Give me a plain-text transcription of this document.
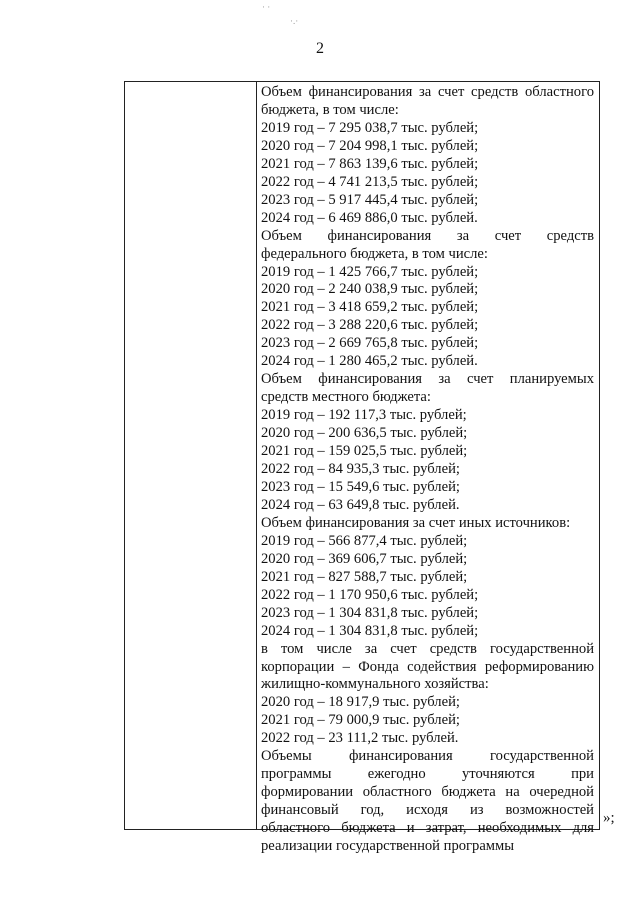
2
Объем финансирования за счет средств областного
бюджета, в том числе:
2019 год – 7 295 038,7 тыс. рублей;
2020 год – 7 204 998,1 тыс. рублей;
2021 год – 7 863 139,6 тыс. рублей;
2022 год – 4 741 213,5 тыс. рублей;
2023 год – 5 917 445,4 тыс. рублей;
2024 год – 6 469 886,0 тыс. рублей.
Объем финансирования за счет средств
федерального бюджета, в том числе:
2019 год – 1 425 766,7 тыс. рублей;
2020 год – 2 240 038,9 тыс. рублей;
2021 год – 3 418 659,2 тыс. рублей;
2022 год – 3 288 220,6 тыс. рублей;
2023 год – 2 669 765,8 тыс. рублей;
2024 год – 1 280 465,2 тыс. рублей.
Объем финансирования за счет планируемых
средств местного бюджета:
2019 год – 192 117,3 тыс. рублей;
2020 год – 200 636,5 тыс. рублей;
2021 год – 159 025,5 тыс. рублей;
2022 год – 84 935,3 тыс. рублей;
2023 год – 15 549,6 тыс. рублей;
2024 год – 63 649,8 тыс. рублей.
Объем финансирования за счет иных источников:
2019 год – 566 877,4 тыс. рублей;
2020 год – 369 606,7 тыс. рублей;
2021 год – 827 588,7 тыс. рублей;
2022 год – 1 170 950,6 тыс. рублей;
2023 год – 1 304 831,8 тыс. рублей;
2024 год – 1 304 831,8 тыс. рублей;
в том числе за счет средств государственной
корпорации – Фонда содействия реформированию
жилищно-коммунального хозяйства:
2020 год – 18 917,9 тыс. рублей;
2021 год – 79 000,9 тыс. рублей;
2022 год – 23 111,2 тыс. рублей.
Объемы финансирования государственной
программы ежегодно уточняются при
формировании областного бюджета на очередной
финансовый год, исходя из возможностей
областного бюджета и затрат, необходимых для
реализации государственной программы
»;
· ·
·.·
